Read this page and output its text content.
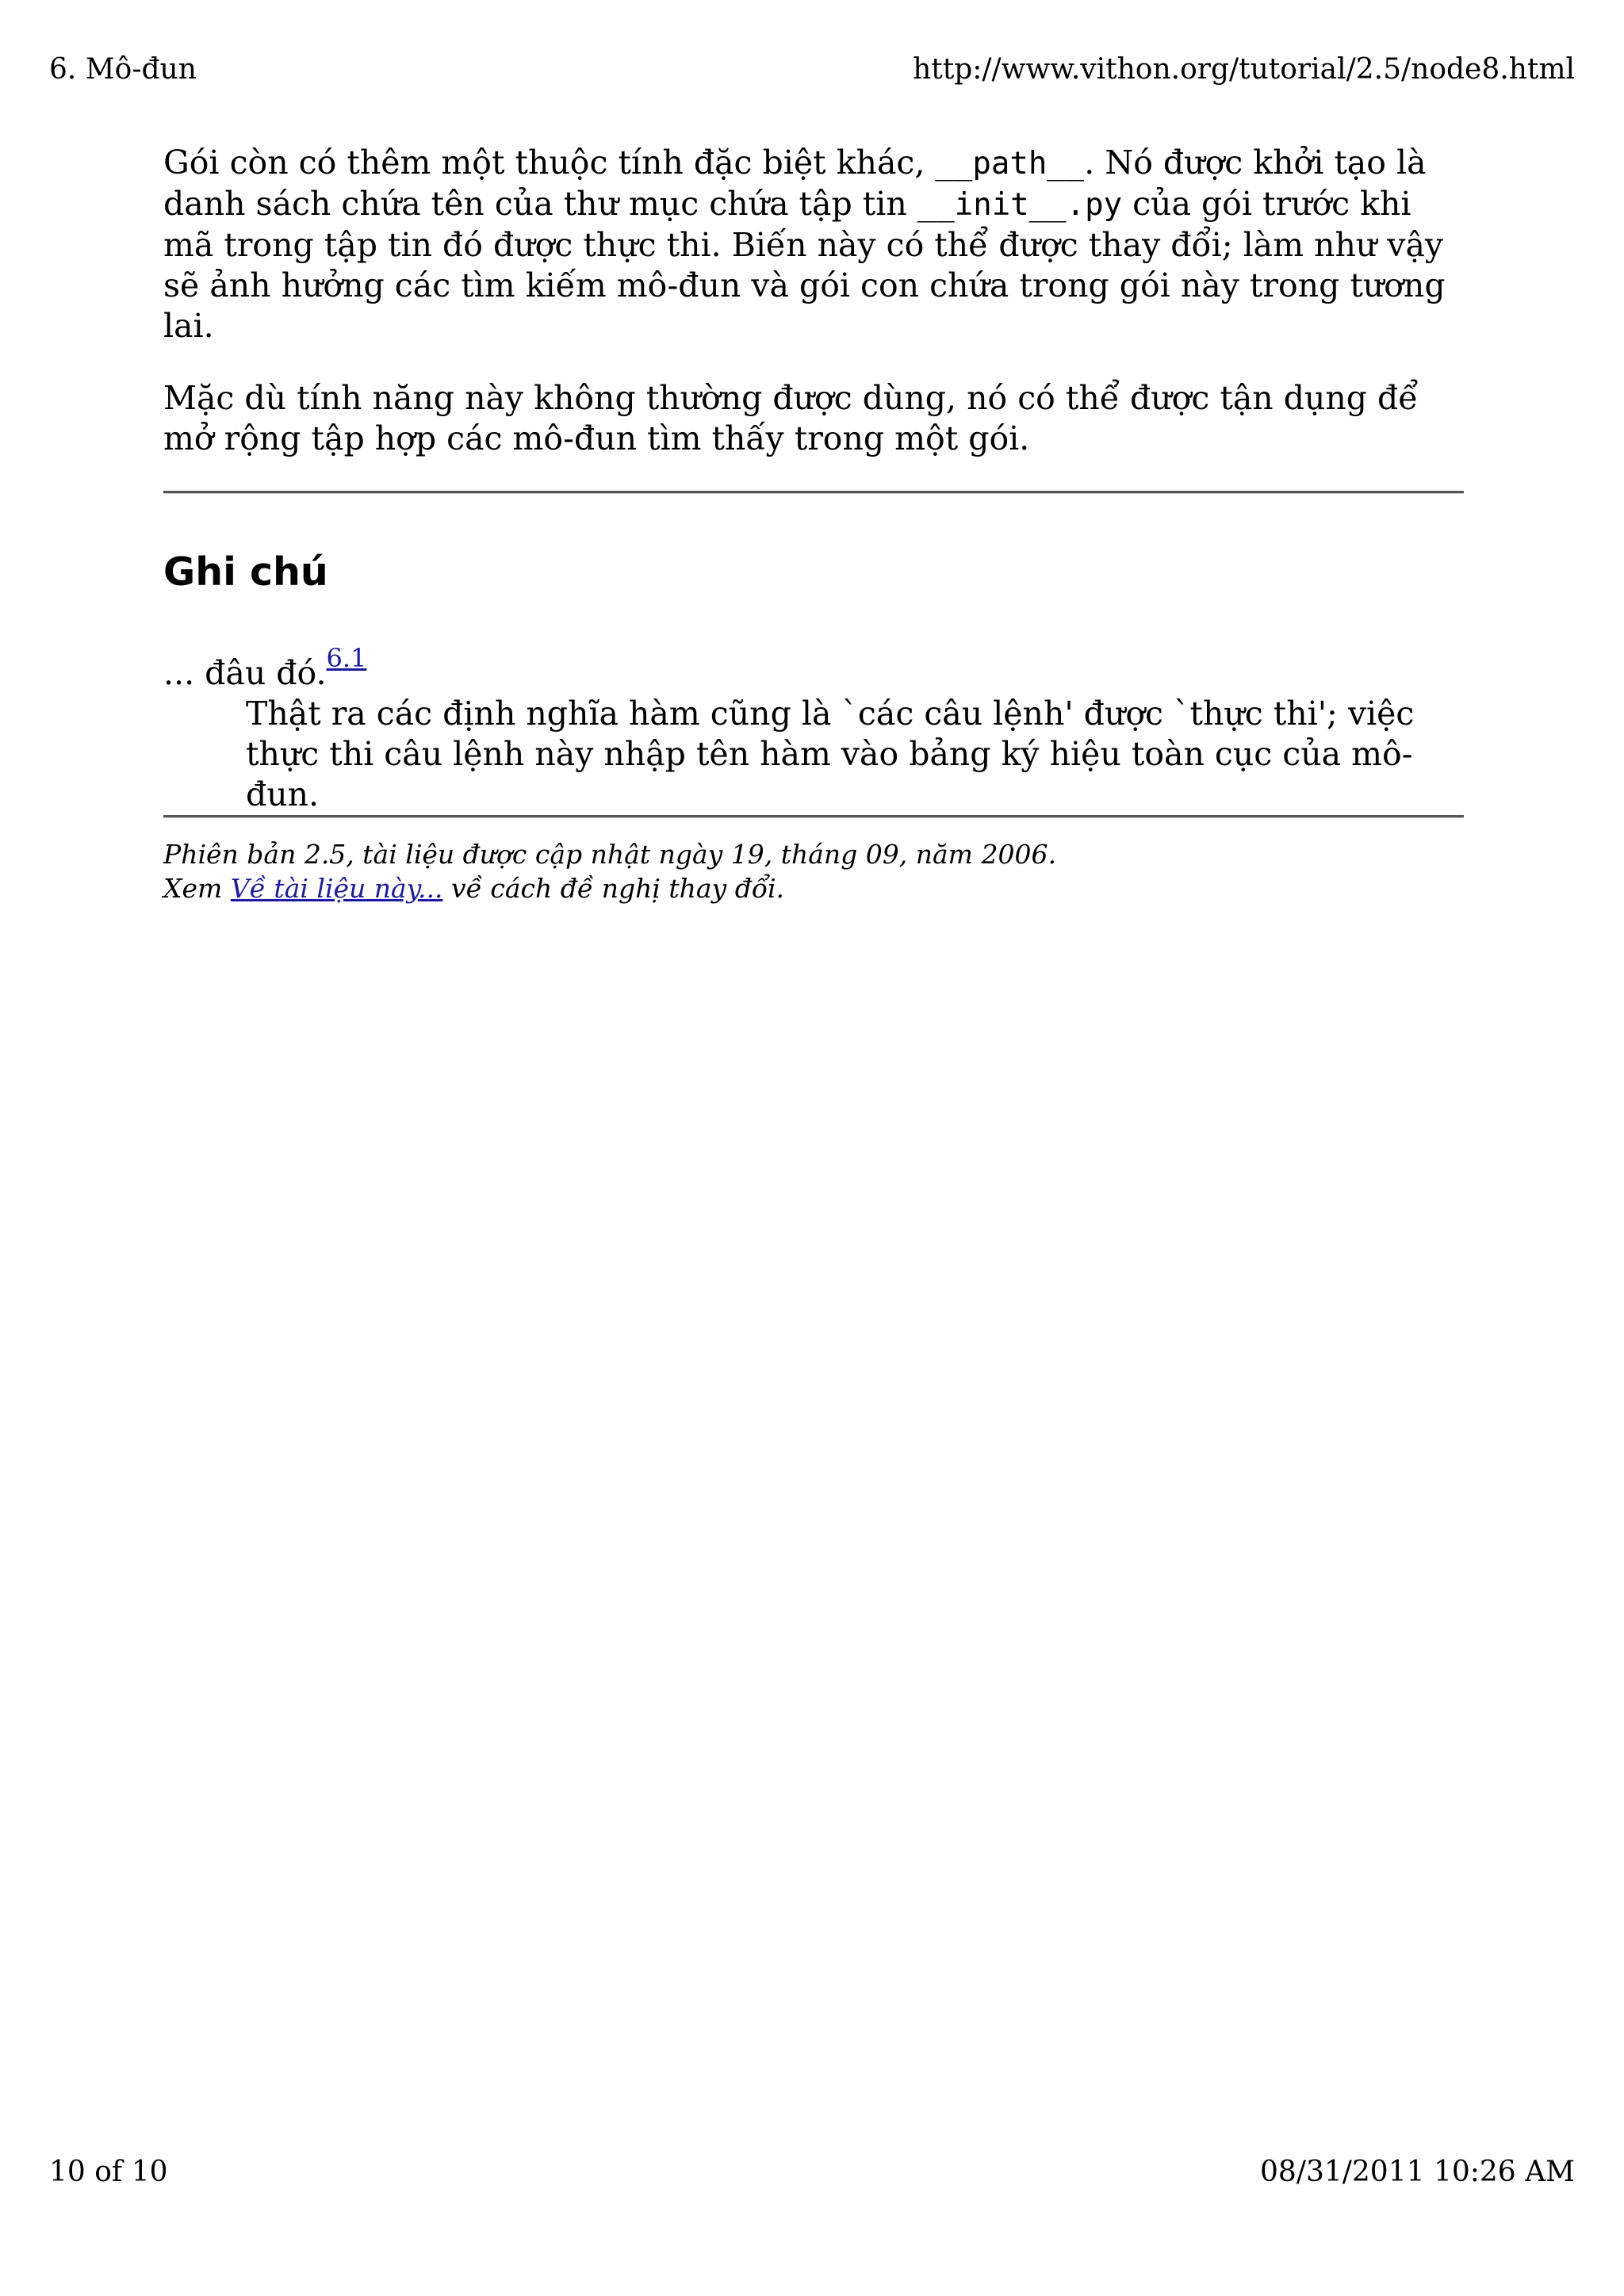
6. Mô-đun	http://www.vithon.org/tutorial/2.5/node8.html

Gói còn có thêm một thuộc tính đặc biệt khác, __path__. Nó được khởi tạo là danh sách chứa tên của thư mục chứa tập tin __init__.py của gói trước khi mã trong tập tin đó được thực thi. Biến này có thể được thay đổi; làm như vậy sẽ ảnh hưởng các tìm kiếm mô-đun và gói con chứa trong gói này trong tương lai.

Mặc dù tính năng này không thường được dùng, nó có thể được tận dụng để mở rộng tập hợp các mô-đun tìm thấy trong một gói.

Ghi chú
... đâu đó.$^{6.1}$
Thật ra các định nghĩa hàm cũng là `các câu lệnh' được `thực thi'; việc thực thi câu lệnh này nhập tên hàm vào bảng ký hiệu toàn cục của mô-đun.
Phiên bản 2.5, tài liệu được cập nhật ngày 19, tháng 09, năm 2006.
Xem Về tài liệu này... về cách đề nghị thay đổi.
10 of 10	08/31/2011 10:26 AM
